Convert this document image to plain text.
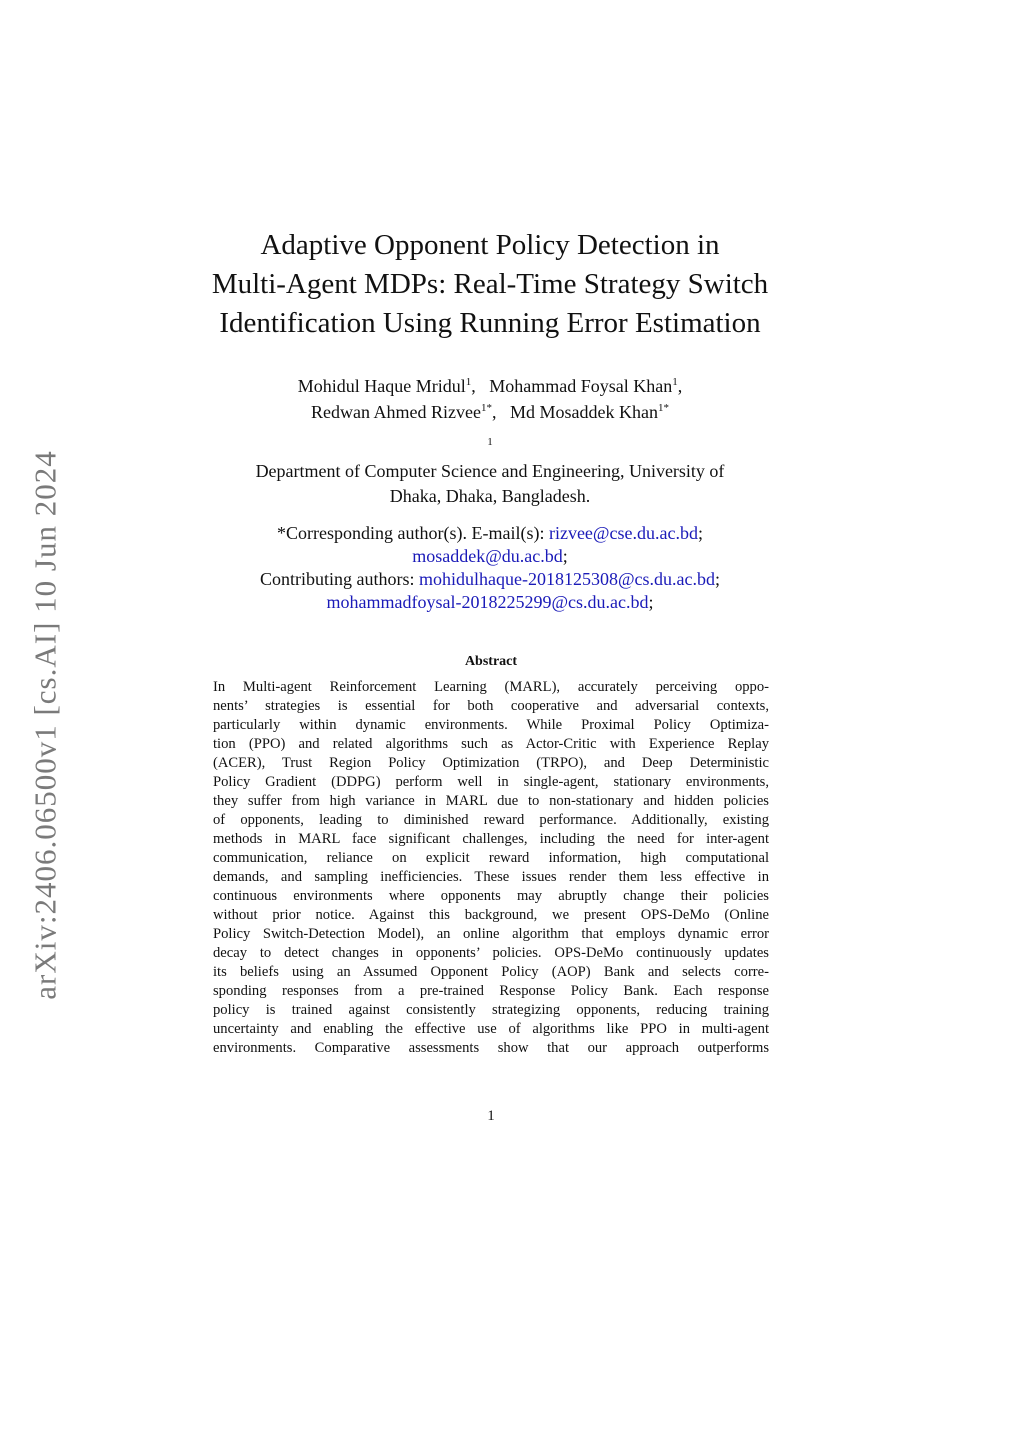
arXiv:2406.06500v1 [cs.AI] 10 Jun 2024
Adaptive Opponent Policy Detection in
Multi-Agent MDPs: Real-Time Strategy Switch
Identification Using Running Error Estimation
Mohidul Haque Mridul$^1$, Mohammad Foysal Khan$^1$,
Redwan Ahmed Rizvee$^{1*}$, Md Mosaddek Khan$^{1*}$
$^1$
Department of Computer Science and Engineering, University of
Dhaka, Dhaka, Bangladesh.
*Corresponding author(s). E-mail(s): rizvee@cse.du.ac.bd;
mosaddek@du.ac.bd;
Contributing authors: mohidulhaque-2018125308@cs.du.ac.bd;
mohammadfoysal-2018225299@cs.du.ac.bd;
Abstract
In Multi-agent Reinforcement Learning (MARL), accurately perceiving oppo-
nents’ strategies is essential for both cooperative and adversarial contexts,
particularly within dynamic environments. While Proximal Policy Optimiza-
tion (PPO) and related algorithms such as Actor-Critic with Experience Replay
(ACER), Trust Region Policy Optimization (TRPO), and Deep Deterministic
Policy Gradient (DDPG) perform well in single-agent, stationary environments,
they suffer from high variance in MARL due to non-stationary and hidden policies
of opponents, leading to diminished reward performance. Additionally, existing
methods in MARL face significant challenges, including the need for inter-agent
communication, reliance on explicit reward information, high computational
demands, and sampling inefficiencies. These issues render them less effective in
continuous environments where opponents may abruptly change their policies
without prior notice. Against this background, we present OPS-DeMo (Online
Policy Switch-Detection Model), an online algorithm that employs dynamic error
decay to detect changes in opponents’ policies. OPS-DeMo continuously updates
its beliefs using an Assumed Opponent Policy (AOP) Bank and selects corre-
sponding responses from a pre-trained Response Policy Bank. Each response
policy is trained against consistently strategizing opponents, reducing training
uncertainty and enabling the effective use of algorithms like PPO in multi-agent
environments. Comparative assessments show that our approach outperforms
1
